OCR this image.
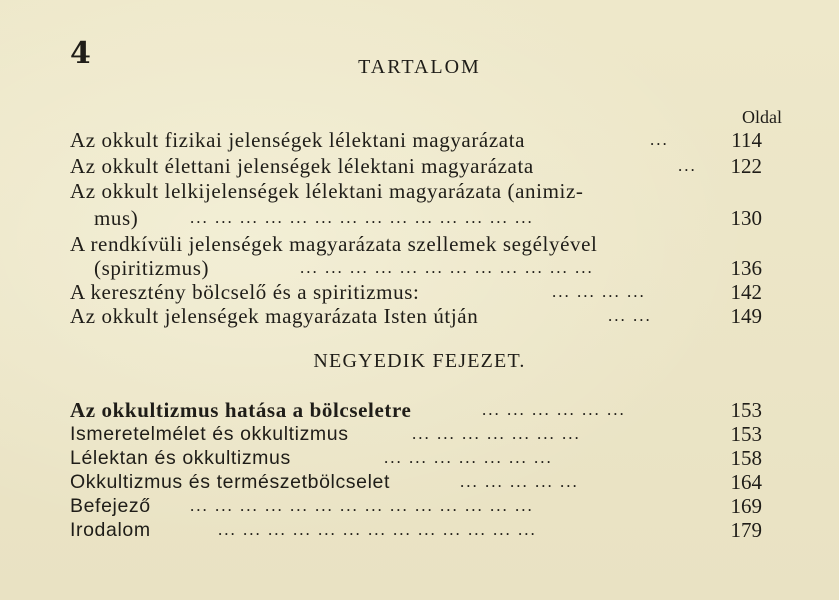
4	TARTALOM
Oldal
Az okkult fizikai jelenségek lélektani magyarázata	...	114
Az okkult élettani jelenségek lélektani magyarázata	... 122
Az okkult lelkijelenségek lélektani magyarázata (animiz-
mus)	... ... ... ... ... ... ... ... ... ... ... ... ... ...	130
A rendkívüli jelenségek magyarázata szellemek segélyével
(spiritizmus)	... ... ... ... ... ... ... ... ... ... ... ...	136
A keresztény bölcselő és a spiritizmus:	... ... ... ...	142
Az okkult jelenségek magyarázata Isten útján	... ...	149
NEGYEDIK FEJEZET.
Az okkultizmus hatása a bölcseletre	... ... ... ... ... ...	153
Ismeretelmélet és okkultizmus	... ... ... ... ... ... ...	153
Lélektan és okkultizmus	... ... ... ... ... ... ...	158
Okkultizmus és természetbölcselet	... ... ... ... ...	164
Befejező ... ... ... ... ... ... ... ... ... ... ... ... ... ...	169
Irodalom	... ... ... ... ... ... ... ... ... ... ... ... ...	179
